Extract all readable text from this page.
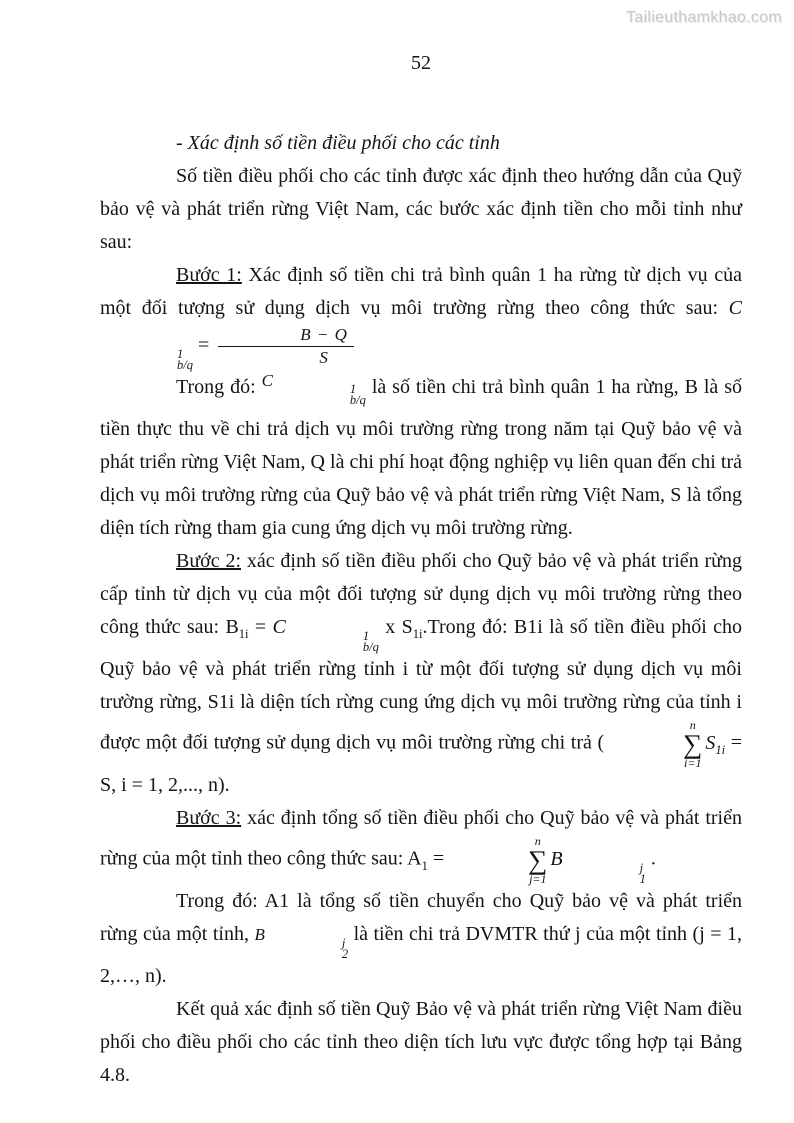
Tailieuthamkhao.com
52

- Xác định số tiền điều phối cho các tỉnh

Số tiền điều phối cho các tỉnh được xác định theo hướng dẫn của Quỹ bảo vệ và phát triển rừng Việt Nam, các bước xác định tiền cho mỗi tỉnh như sau:

Bước 1: Xác định số tiền chi trả bình quân 1 ha rừng từ dịch vụ của một đối tượng sử dụng dịch vụ môi trường rừng theo công thức sau: C
1
b/q
= $\frac{B - Q}{S}$

Trong đó: $^{C 1 b/q}$
là số tiền chi trả bình quân 1 ha rừng, B là số tiền thực thu về chi trả dịch vụ môi trường rừng trong năm tại Quỹ bảo vệ và phát triển rừng Việt Nam, Q là chi phí hoạt động nghiệp vụ liên quan đến chi trả dịch vụ môi trường rừng của Quỹ bảo vệ và phát triển rừng Việt Nam, S là tổng diện tích rừng tham gia cung ứng dịch vụ môi trường rừng.

Bước 2: xác định số tiền điều phối cho Quỹ bảo vệ và phát triển rừng cấp tỉnh từ dịch vụ của một đối tượng sử dụng dịch vụ môi trường rừng theo công thức sau: $B_{1i} = C$	1
b/q
x $S_{1i}.Trong$ đó: B1i là số tiền điều phối cho Quỹ bảo vệ và phát triển rừng tỉnh i từ một đối tượng sử dụng dịch vụ môi trường rừng, S1i là diện tích rừng cung ứng dịch vụ môi trường rừng của tỉnh i được một đối tượng sử dụng dịch vụ môi trường rừng chi trả (
n
∑
i=1
$S_{1i} = S$, i = 1, 2,..., n).

Bước 3: xác định tổng số tiền điều phối cho Quỹ bảo vệ và phát triển rừng của một tỉnh theo công thức sau: $A_1$ =
n
∑
j=1
B	j
1
.

Trong đó: A1 là tổng số tiền chuyển cho Quỹ bảo vệ và phát triển rừng của một tỉnh, B	j
2
là tiền chi trả DVMTR thứ j của một tỉnh (j = 1, 2,…, n).

Kết quả xác định số tiền Quỹ Bảo vệ và phát triển rừng Việt Nam điều phối cho điều phối cho các tỉnh theo diện tích lưu vực được tổng hợp tại Bảng 4.8.
